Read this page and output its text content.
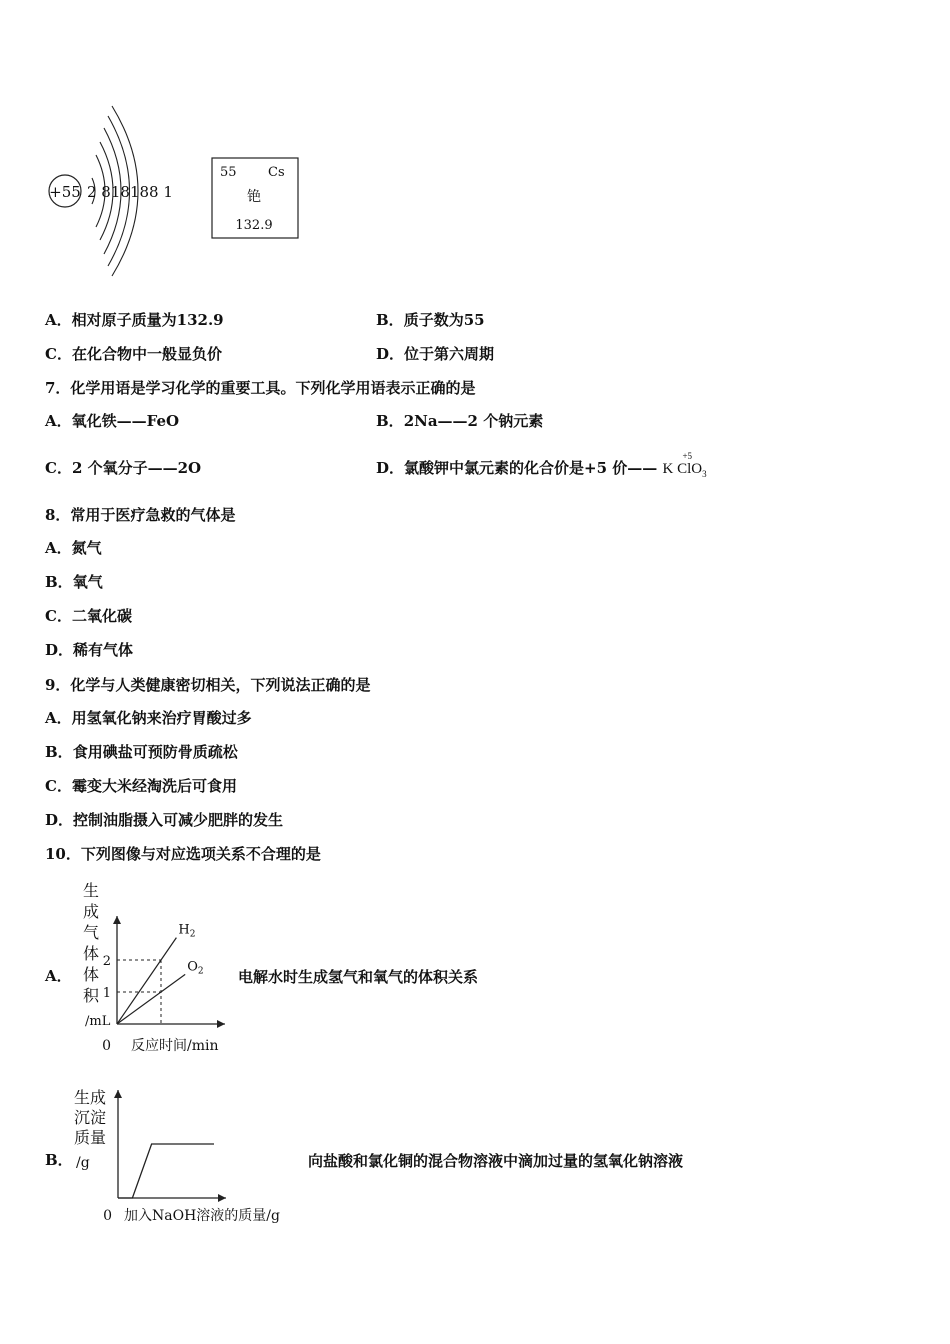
+55 2 818188 1
55 Cs
铯
132.9
A．相对原子质量为132.9	B．质子数为55
C．在化合物中一般显负价	D．位于第六周期
7．化学用语是学习化学的重要工具。下列化学用语表示正确的是
A．氧化铁——FeO	B．2Na——2 个钠元素
C．2 个氧分子——2O	D．氯酸钾中氯元素的化合价是+5 价—— K
+5
ClO$_3$
8．常用于医疗急救的气体是
A．氮气
B．氧气
C．二氧化碳
D．稀有气体
9．化学与人类健康密切相关，下列说法正确的是
A．用氢氧化钠来治疗胃酸过多
B．食用碘盐可预防骨质疏松
C．霉变大米经淘洗后可食用
D．控制油脂摄入可减少肥胖的发生
10．下列图像与对应选项关系不合理的是
A．
生
成
气
体
体
积
/mL
0 反应时间/min
1
2
$H_2$
$O_2$ 电解水时生成氢气和氧气的体积关系
B．
生成
沉淀
质量
/g
0 加入NaOH溶液的质量/g
向盐酸和氯化铜的混合物溶液中滴加过量的氢氧化钠溶液
